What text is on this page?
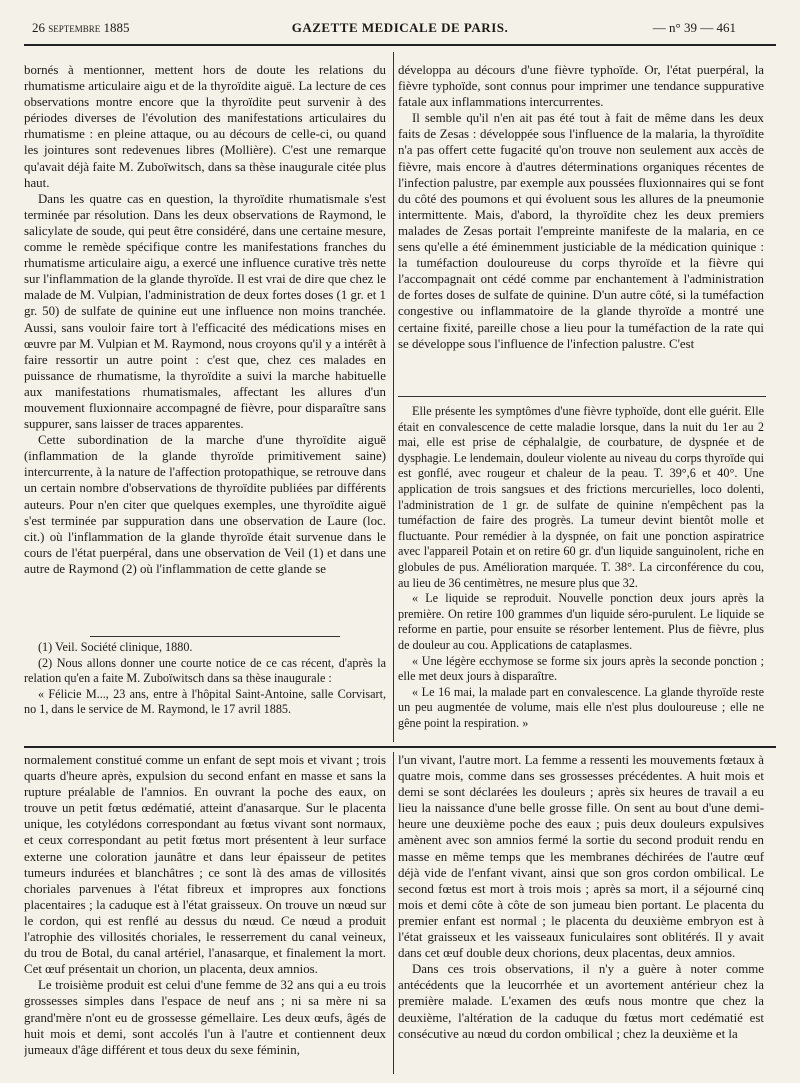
26 septembre 1885	GAZETTE MEDICALE DE PARIS.	— n° 39 — 461

bornés à mentionner, mettent hors de doute les relations du rhumatisme articulaire aigu et de la thyroïdite aiguë. La lecture de ces observations montre encore que la thyroïdite peut survenir à des périodes diverses de l'évolution des manifestations articulaires du rhumatisme : en pleine attaque, ou au décours de celle-ci, ou quand les jointures sont redevenues libres (Mollière). C'est une remarque qu'avait déjà faite M. Zuboïwitsch, dans sa thèse inaugurale citée plus haut.

Dans les quatre cas en question, la thyroïdite rhumatismale s'est terminée par résolution. Dans les deux observations de Raymond, le salicylate de soude, qui peut être considéré, dans une certaine mesure, comme le remède spécifique contre les manifestations franches du rhumatisme articulaire aigu, a exercé une influence curative très nette sur l'inflammation de la glande thyroïde. Il est vrai de dire que chez le malade de M. Vulpian, l'administration de deux fortes doses (1 gr. et 1 gr. 50) de sulfate de quinine eut une influence non moins tranchée. Aussi, sans vouloir faire tort à l'efficacité des médications mises en œuvre par M. Vulpian et M. Raymond, nous croyons qu'il y a intérêt à faire ressortir un autre point : c'est que, chez ces malades en puissance de rhumatisme, la thyroïdite a suivi la marche habituelle aux manifestations rhumatismales, affectant les allures d'un mouvement fluxionnaire accompagné de fièvre, pour disparaître sans suppurer, sans laisser de traces apparentes.

Cette subordination de la marche d'une thyroïdite aiguë (inflammation de la glande thyroïde primitivement saine) intercurrente, à la nature de l'affection protopathique, se retrouve dans un certain nombre d'observations de thyroïdite publiées par différents auteurs. Pour n'en citer que quelques exemples, une thyroïdite aiguë s'est terminée par suppuration dans une observation de Laure (loc. cit.) où l'inflammation de la glande thyroïde était survenue dans le cours de l'état puerpéral, dans une observation de Veil (1) et dans une autre de Raymond (2) où l'inflammation de cette glande se

(1) Veil. Société clinique, 1880.

(2) Nous allons donner une courte notice de ce cas récent, d'après la relation qu'en a faite M. Zuboïwitsch dans sa thèse inaugurale :

« Félicie M..., 23 ans, entre à l'hôpital Saint-Antoine, salle Corvisart, no 1, dans le service de M. Raymond, le 17 avril 1885.

développa au décours d'une fièvre typhoïde. Or, l'état puerpéral, la fièvre typhoïde, sont connus pour imprimer une tendance suppurative fatale aux inflammations intercurrentes.

Il semble qu'il n'en ait pas été tout à fait de même dans les deux faits de Zesas : développée sous l'influence de la malaria, la thyroïdite n'a pas offert cette fugacité qu'on trouve non seulement aux accès de fièvre, mais encore à d'autres déterminations organiques récentes de l'infection palustre, par exemple aux poussées fluxionnaires qui se font du côté des poumons et qui évoluent sous les allures de la pneumonie intermittente. Mais, d'abord, la thyroïdite chez les deux premiers malades de Zesas portait l'empreinte manifeste de la malaria, en ce sens qu'elle a été éminemment justiciable de la médication quinique : la tuméfaction douloureuse du corps thyroïde et la fièvre qui l'accompagnait ont cédé comme par enchantement à l'administration de fortes doses de sulfate de quinine. D'un autre côté, si la tuméfaction congestive ou inflammatoire de la glande thyroïde a montré une certaine fixité, pareille chose a lieu pour la tuméfaction de la rate qui se développe sous l'influence de l'infection palustre. C'est

Elle présente les symptômes d'une fièvre typhoïde, dont elle guérit. Elle était en convalescence de cette maladie lorsque, dans la nuit du 1er au 2 mai, elle est prise de céphalalgie, de courbature, de dyspnée et de dysphagie. Le lendemain, douleur violente au niveau du corps thyroïde qui est gonflé, avec rougeur et chaleur de la peau. T. 39°,6 et 40°. Une application de trois sangsues et des frictions mercurielles, loco dolenti, l'administration de 1 gr. de sulfate de quinine n'empêchent pas la tuméfaction de faire des progrès. La tumeur devint bientôt molle et fluctuante. Pour remédier à la dyspnée, on fait une ponction aspiratrice avec l'appareil Potain et on retire 60 gr. d'un liquide sanguinolent, riche en globules de pus. Amélioration marquée. T. 38°. La circonférence du cou, au lieu de 36 centimètres, ne mesure plus que 32.

« Le liquide se reproduit. Nouvelle ponction deux jours après la première. On retire 100 grammes d'un liquide séro-purulent. Le liquide se reforme en partie, pour ensuite se résorber lentement. Plus de fièvre, plus de douleur au cou. Applications de cataplasmes.

« Une légère ecchymose se forme six jours après la seconde ponction ; elle met deux jours à disparaître.

« Le 16 mai, la malade part en convalescence. La glande thyroïde reste un peu augmentée de volume, mais elle n'est plus douloureuse ; elle ne gêne point la respiration. »

normalement constitué comme un enfant de sept mois et vivant ; trois quarts d'heure après, expulsion du second enfant en masse et sans la rupture préalable de l'amnios. En ouvrant la poche des eaux, on trouve un petit fœtus œdématié, atteint d'anasarque. Sur le placenta unique, les cotylédons correspondant au fœtus vivant sont normaux, et ceux correspondant au petit fœtus mort présentent à leur surface externe une coloration jaunâtre et dans leur épaisseur de petites tumeurs indurées et blanchâtres ; ce sont là des amas de villosités choriales parvenues à l'état fibreux et impropres aux fonctions placentaires ; la caduque est à l'état graisseux. On trouve un nœud sur le cordon, qui est renflé au dessus du nœud. Ce nœud a produit l'atrophie des villosités choriales, le resserrement du canal veineux, du trou de Botal, du canal artériel, l'anasarque, et finalement la mort. Cet œuf présentait un chorion, un placenta, deux amnios.

Le troisième produit est celui d'une femme de 32 ans qui a eu trois grossesses simples dans l'espace de neuf ans ; ni sa mère ni sa grand'mère n'ont eu de grossesse gémellaire. Les deux œufs, âgés de huit mois et demi, sont accolés l'un à l'autre et contiennent deux jumeaux d'âge différent et tous deux du sexe féminin,

l'un vivant, l'autre mort. La femme a ressenti les mouvements fœtaux à quatre mois, comme dans ses grossesses précédentes. A huit mois et demi se sont déclarées les douleurs ; après six heures de travail a eu lieu la naissance d'une belle grosse fille. On sent au bout d'une demi-heure une deuxième poche des eaux ; puis deux douleurs expulsives amènent avec son amnios fermé la sortie du second produit rendu en masse en même temps que les membranes déchirées de l'autre œuf déjà vide de l'enfant vivant, ainsi que son gros cordon ombilical. Le second fœtus est mort à trois mois ; après sa mort, il a séjourné cinq mois et demi côte à côte de son jumeau bien portant. Le placenta du premier enfant est normal ; le placenta du deuxième embryon est à l'état graisseux et les vaisseaux funiculaires sont oblitérés. Il y avait dans cet œuf double deux chorions, deux placentas, deux amnios.

Dans ces trois observations, il n'y a guère à noter comme antécédents que la leucorrhée et un avortement antérieur chez la première malade. L'examen des œufs nous montre que chez la deuxième, l'altération de la caduque du fœtus mort cedématié est consécutive au nœud du cordon ombilical ; chez la deuxième et la
